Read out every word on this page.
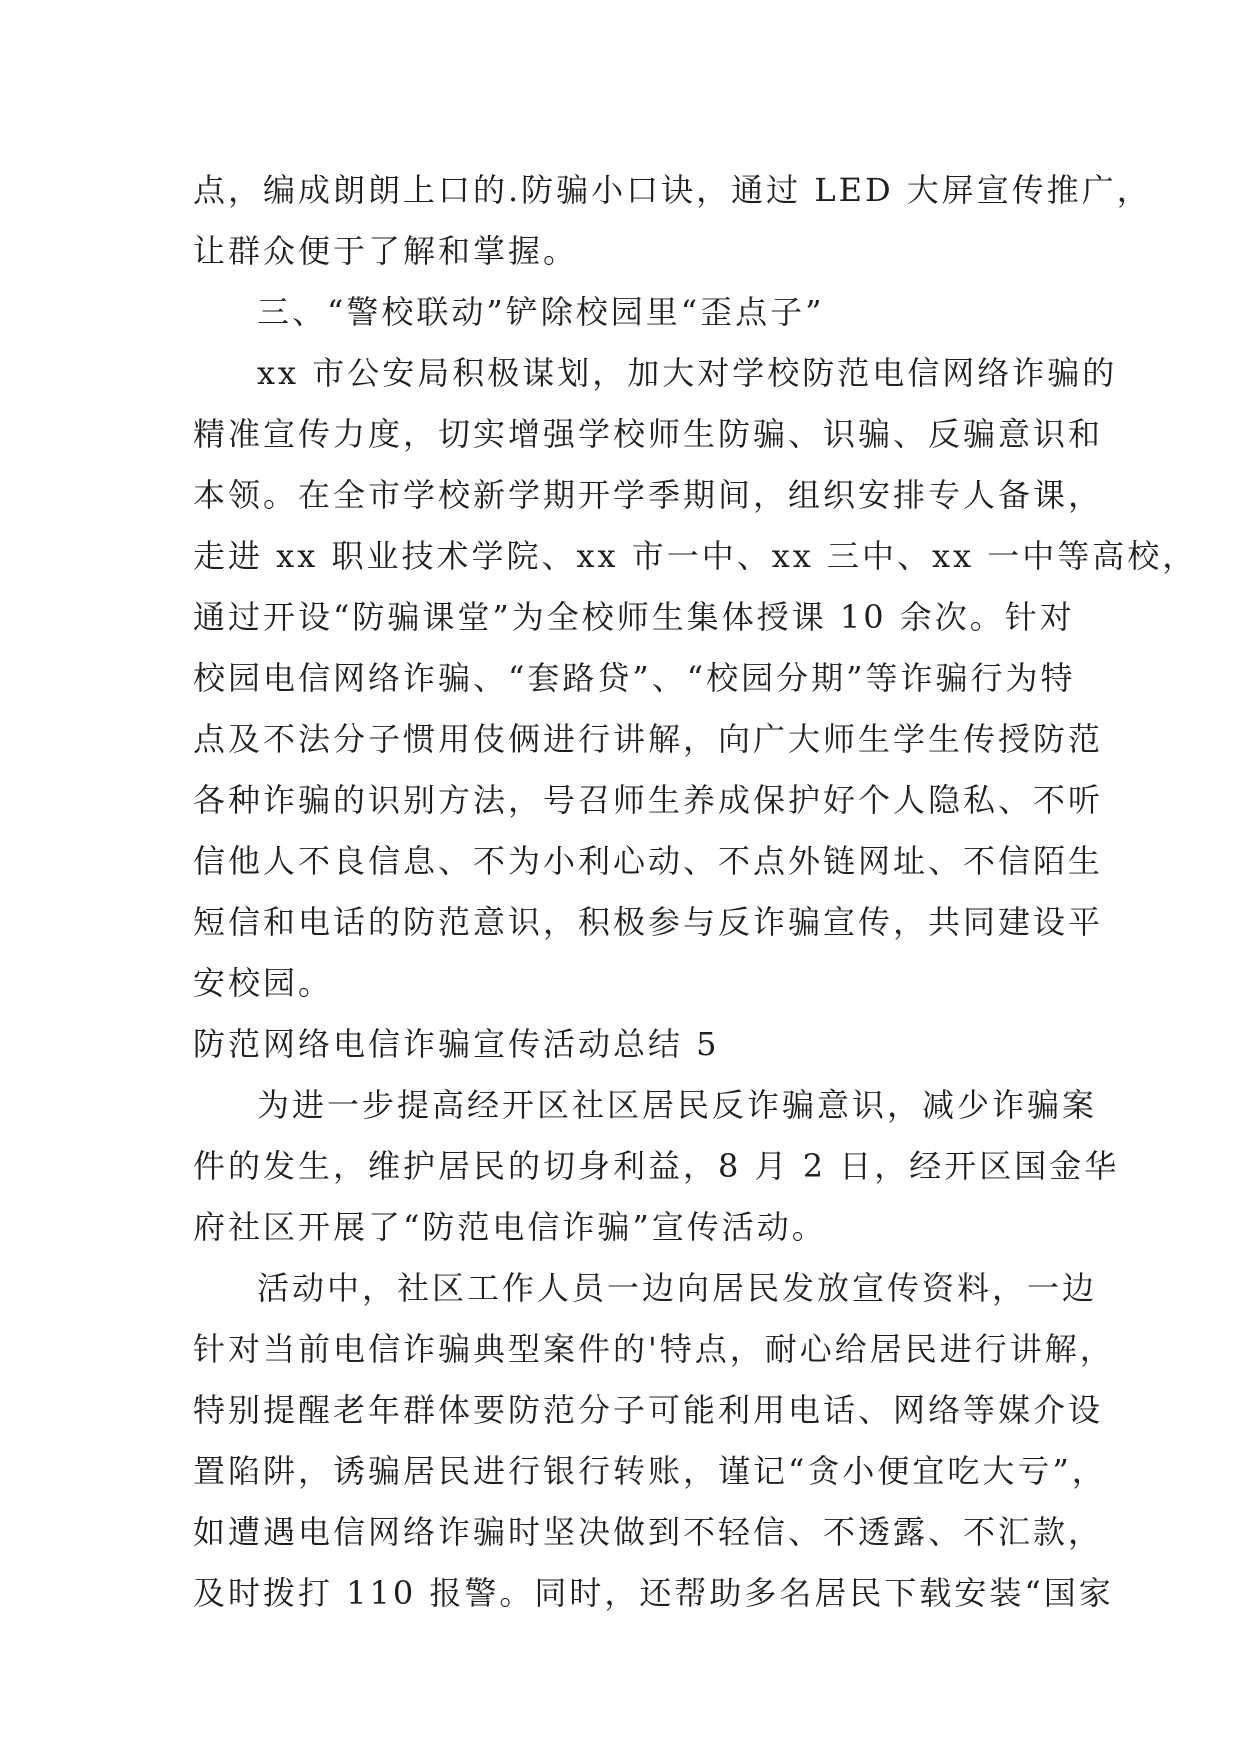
点，编成朗朗上口的.防骗小口诀，通过 LED 大屏宣传推广，
让群众便于了解和掌握。
三、“警校联动”铲除校园里“歪点子”
xx 市公安局积极谋划，加大对学校防范电信网络诈骗的
精准宣传力度，切实增强学校师生防骗、识骗、反骗意识和
本领。在全市学校新学期开学季期间，组织安排专人备课，
走进 xx 职业技术学院、xx 市一中、xx 三中、xx 一中等高校，
通过开设“防骗课堂”为全校师生集体授课 10 余次。针对
校园电信网络诈骗、“套路贷”、“校园分期”等诈骗行为特
点及不法分子惯用伎俩进行讲解，向广大师生学生传授防范
各种诈骗的识别方法，号召师生养成保护好个人隐私、不听
信他人不良信息、不为小利心动、不点外链网址、不信陌生
短信和电话的防范意识，积极参与反诈骗宣传，共同建设平
安校园。
防范网络电信诈骗宣传活动总结 5
为进一步提高经开区社区居民反诈骗意识，减少诈骗案
件的发生，维护居民的切身利益，8 月 2 日，经开区国金华
府社区开展了“防范电信诈骗”宣传活动。
活动中，社区工作人员一边向居民发放宣传资料，一边
针对当前电信诈骗典型案件的'特点，耐心给居民进行讲解，
特别提醒老年群体要防范分子可能利用电话、网络等媒介设
置陷阱，诱骗居民进行银行转账，谨记“贪小便宜吃大亏”，
如遭遇电信网络诈骗时坚决做到不轻信、不透露、不汇款，
及时拨打 110 报警。同时，还帮助多名居民下载安装“国家
